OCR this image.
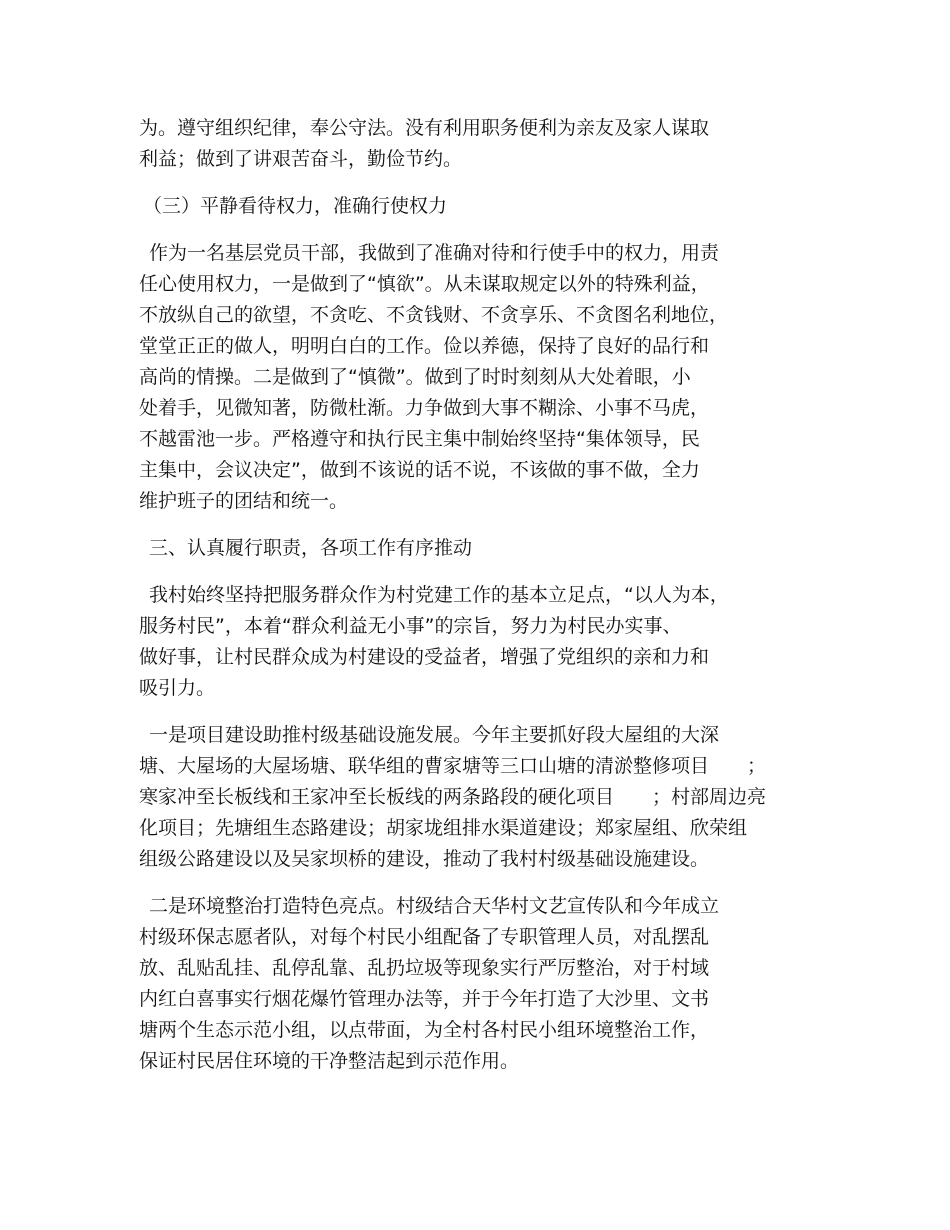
为。遵守组织纪律，奉公守法。没有利用职务便利为亲友及家人谋取
利益；做到了讲艰苦奋斗，勤俭节约。
（三）平静看待权力，准确行使权力
作为一名基层党员干部，我做到了准确对待和行使手中的权力，用责
任心使用权力，一是做到了“慎欲”。从未谋取规定以外的特殊利益，
不放纵自己的欲望，不贪吃、不贪钱财、不贪享乐、不贪图名利地位，
堂堂正正的做人，明明白白的工作。俭以养德，保持了良好的品行和
高尚的情操。二是做到了“慎微”。做到了时时刻刻从大处着眼，小
处着手，见微知著，防微杜渐。力争做到大事不糊涂、小事不马虎，
不越雷池一步。严格遵守和执行民主集中制始终坚持“集体领导，民
主集中，会议决定”，做到不该说的话不说，不该做的事不做，全力
维护班子的团结和统一。
三、认真履行职责，各项工作有序推动
我村始终坚持把服务群众作为村党建工作的基本立足点，“以人为本，
服务村民”，本着“群众利益无小事”的宗旨，努力为村民办实事、
做好事，让村民群众成为村建设的受益者，增强了党组织的亲和力和
吸引力。
一是项目建设助推村级基础设施发展。今年主要抓好段大屋组的大深
塘、大屋场的大屋场塘、联华组的曹家塘等三口山塘的清淤整修项目　　；
寒家冲至长板线和王家冲至长板线的两条路段的硬化项目　　；村部周边亮
化项目；先塘组生态路建设；胡家垅组排水渠道建设；郑家屋组、欣荣组
组级公路建设以及吴家坝桥的建设，推动了我村村级基础设施建设。
二是环境整治打造特色亮点。村级结合天华村文艺宣传队和今年成立
村级环保志愿者队，对每个村民小组配备了专职管理人员，对乱摆乱
放、乱贴乱挂、乱停乱靠、乱扔垃圾等现象实行严厉整治，对于村域
内红白喜事实行烟花爆竹管理办法等，并于今年打造了大沙里、文书
塘两个生态示范小组，以点带面，为全村各村民小组环境整治工作，
保证村民居住环境的干净整洁起到示范作用。
